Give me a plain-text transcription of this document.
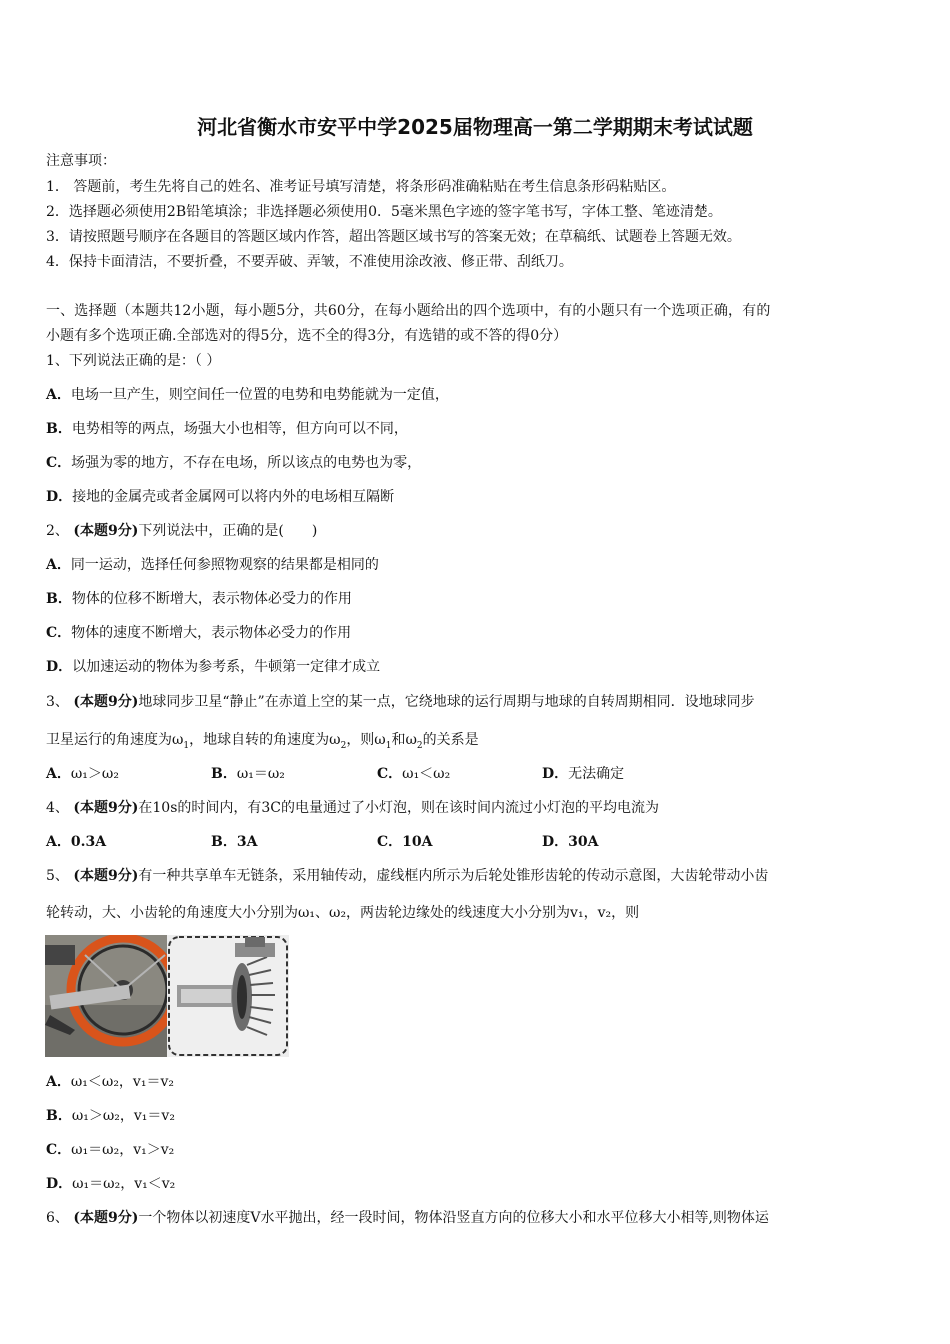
河北省衡水市安平中学2025届物理高一第二学期期末考试试题
注意事项：
1． 答题前，考生先将自己的姓名、准考证号填写清楚，将条形码准确粘贴在考生信息条形码粘贴区。
2．选择题必须使用2B铅笔填涂；非选择题必须使用0．5毫米黑色字迹的签字笔书写，字体工整、笔迹清楚。
3．请按照题号顺序在各题目的答题区域内作答，超出答题区域书写的答案无效；在草稿纸、试题卷上答题无效。
4．保持卡面清洁，不要折叠，不要弄破、弄皱，不准使用涂改液、修正带、刮纸刀。
一、选择题（本题共12小题，每小题5分，共60分，在每小题给出的四个选项中，有的小题只有一个选项正确，有的
小题有多个选项正确.全部选对的得5分，选不全的得3分，有选错的或不答的得0分）
1、下列说法正确的是：（ ）
A．电场一旦产生，则空间任一位置的电势和电势能就为一定值，
B．电势相等的两点，场强大小也相等，但方向可以不同，
C．场强为零的地方，不存在电场，所以该点的电势也为零，
D．接地的金属壳或者金属网可以将内外的电场相互隔断
2、 (本题9分)下列说法中，正确的是(　　)
A．同一运动，选择任何参照物观察的结果都是相同的
B．物体的位移不断增大，表示物体必受力的作用
C．物体的速度不断增大，表示物体必受力的作用
D．以加速运动的物体为参考系，牛顿第一定律才成立
3、 (本题9分)地球同步卫星“静止”在赤道上空的某一点，它绕地球的运行周期与地球的自转周期相同．设地球同步
卫星运行的角速度为$\omega_1$，地球自转的角速度为$\omega_2$，则$\omega_1$和$\omega_2$的关系是
A．ω₁＞ω₂	B．ω₁＝ω₂	C．ω₁＜ω₂	D．无法确定
4、 (本题9分)在10s的时间内，有3C的电量通过了小灯泡，则在该时间内流过小灯泡的平均电流为
A．0.3A	B．3A	C．10A	D．30A
5、 (本题9分)有一种共享单车无链条，采用轴传动，虚线框内所示为后轮处锥形齿轮的传动示意图，大齿轮带动小齿
轮转动，大、小齿轮的角速度大小分别为ω₁、ω₂，两齿轮边缘处的线速度大小分别为v₁，v₂，则
A．ω₁＜ω₂，v₁＝v₂
B．ω₁＞ω₂，v₁＝v₂
C．ω₁＝ω₂，v₁＞v₂
D．ω₁＝ω₂，v₁＜v₂
6、 (本题9分)一个物体以初速度V水平抛出，经一段时间，物体沿竖直方向的位移大小和水平位移大小相等,则物体运
